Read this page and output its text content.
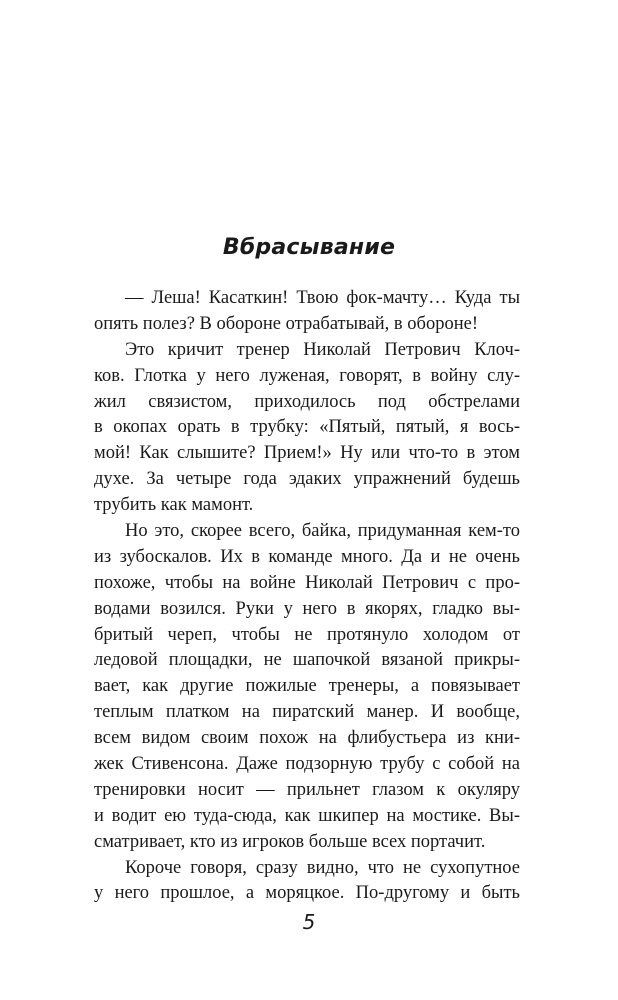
Вбрасывание
— Леша! Касаткин! Твою фок-мачту… Куда ты
опять полез? В обороне отрабатывай, в обороне!
Это кричит тренер Николай Петрович Клоч-
ков. Глотка у него луженая, говорят, в войну слу-
жил связистом, приходилось под обстрелами
в окопах орать в трубку: «Пятый, пятый, я вось-
мой! Как слышите? Прием!» Ну или что-то в этом
духе. За четыре года эдаких упражнений будешь
трубить как мамонт.
Но это, скорее всего, байка, придуманная кем-то
из зубоскалов. Их в команде много. Да и не очень
похоже, чтобы на войне Николай Петрович с про-
водами возился. Руки у него в якорях, гладко вы-
бритый череп, чтобы не протянуло холодом от
ледовой площадки, не шапочкой вязаной прикры-
вает, как другие пожилые тренеры, а повязывает
теплым платком на пиратский манер. И вообще,
всем видом своим похож на флибустьера из кни-
жек Стивенсона. Даже подзорную трубу с собой на
тренировки носит — прильнет глазом к окуляру
и водит ею туда-сюда, как шкипер на мостике. Вы-
сматривает, кто из игроков больше всех портачит.
Короче говоря, сразу видно, что не сухопутное
у него прошлое, а моряцкое. По-другому и быть
5
